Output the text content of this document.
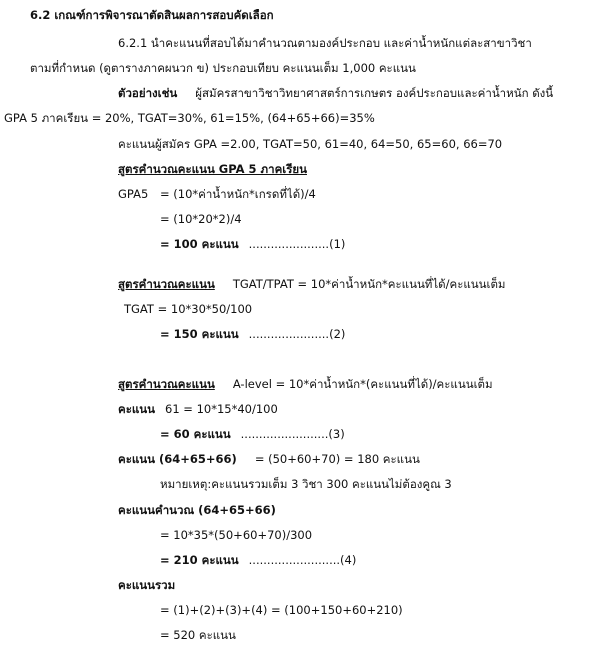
6.2 เกณฑ์การพิจารณาตัดสินผลการสอบคัดเลือก
6.2.1 นำคะแนนที่สอบได้มาคำนวณตามองค์ประกอบ และค่าน้ำหนักแต่ละสาขาวิชา
ตามที่กำหนด (ดูตารางภาคผนวก ข) ประกอบเทียบ คะแนนเต็ม 1,000 คะแนน
ตัวอย่างเช่น ผู้สมัครสาขาวิชาวิทยาศาสตร์การเกษตร องค์ประกอบและค่าน้ำหนัก ดังนี้
GPA 5 ภาคเรียน = 20%, TGAT=30%, 61=15%, (64+65+66)=35%
คะแนนผู้สมัคร GPA =2.00, TGAT=50, 61=40, 64=50, 65=60, 66=70
สูตรคำนวณคะแนน GPA 5 ภาคเรียน
GPA5 = (10*ค่าน้ำหนัก*เกรดที่ได้)/4
= (10*20*2)/4
= 100 คะแนน ......................(1)
สูตรคำนวณคะแนน TGAT/TPAT = 10*ค่าน้ำหนัก*คะแนนที่ได้/คะแนนเต็ม
TGAT = 10*30*50/100
= 150 คะแนน ......................(2)
สูตรคำนวณคะแนน A-level = 10*ค่าน้ำหนัก*(คะแนนที่ได้)/คะแนนเต็ม
คะแนน 61 = 10*15*40/100
= 60 คะแนน ........................(3)
คะแนน (64+65+66) = (50+60+70) = 180 คะแนน
หมายเหตุ:คะแนนรวมเต็ม 3 วิชา 300 คะแนนไม่ต้องคูณ 3
คะแนนคำนวณ (64+65+66)
= 10*35*(50+60+70)/300
= 210 คะแนน .........................(4)
คะแนนรวม
= (1)+(2)+(3)+(4) = (100+150+60+210)
= 520 คะแนน
